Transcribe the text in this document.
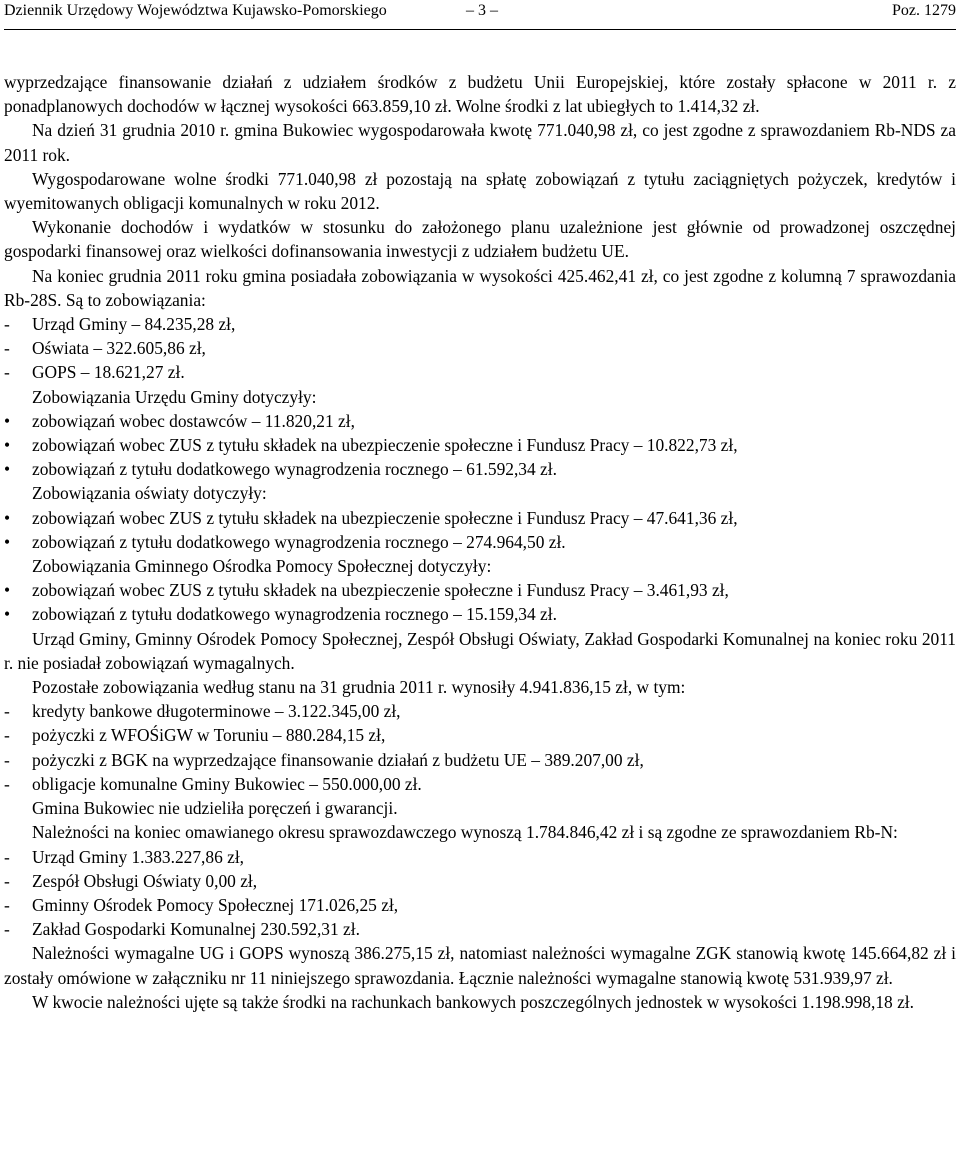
Dziennik Urzędowy Województwa Kujawsko-Pomorskiego	– 3 –	Poz. 1279

wyprzedzające finansowanie działań z udziałem środków z budżetu Unii Europejskiej, które zostały spłacone w 2011 r. z ponadplanowych dochodów w łącznej wysokości 663.859,10 zł. Wolne środki z lat ubiegłych to 1.414,32 zł.

Na dzień 31 grudnia 2010 r. gmina Bukowiec wygospodarowała kwotę 771.040,98 zł, co jest zgodne z sprawozdaniem Rb-NDS za 2011 rok.

Wygospodarowane wolne środki 771.040,98 zł pozostają na spłatę zobowiązań z tytułu zaciągniętych pożyczek, kredytów i wyemitowanych obligacji komunalnych w roku 2012.

Wykonanie dochodów i wydatków w stosunku do założonego planu uzależnione jest głównie od prowadzonej oszczędnej gospodarki finansowej oraz wielkości dofinansowania inwestycji z udziałem budżetu UE.

Na koniec grudnia 2011 roku gmina posiadała zobowiązania w wysokości 425.462,41 zł, co jest zgodne z kolumną 7 sprawozdania Rb-28S. Są to zobowiązania:

- Urząd Gminy – 84.235,28 zł,

- Oświata – 322.605,86 zł,

- GOPS – 18.621,27 zł.

Zobowiązania Urzędu Gminy dotyczyły:

• zobowiązań wobec dostawców – 11.820,21 zł,

• zobowiązań wobec ZUS z tytułu składek na ubezpieczenie społeczne i Fundusz Pracy – 10.822,73 zł,

• zobowiązań z tytułu dodatkowego wynagrodzenia rocznego – 61.592,34 zł.

Zobowiązania oświaty dotyczyły:

• zobowiązań wobec ZUS z tytułu składek na ubezpieczenie społeczne i Fundusz Pracy – 47.641,36 zł,

• zobowiązań z tytułu dodatkowego wynagrodzenia rocznego – 274.964,50 zł.

Zobowiązania Gminnego Ośrodka Pomocy Społecznej dotyczyły:

• zobowiązań wobec ZUS z tytułu składek na ubezpieczenie społeczne i Fundusz Pracy – 3.461,93 zł,

• zobowiązań z tytułu dodatkowego wynagrodzenia rocznego – 15.159,34 zł.

Urząd Gminy, Gminny Ośrodek Pomocy Społecznej, Zespół Obsługi Oświaty, Zakład Gospodarki Komunalnej na koniec roku 2011 r. nie posiadał zobowiązań wymagalnych.

Pozostałe zobowiązania według stanu na 31 grudnia 2011 r. wynosiły 4.941.836,15 zł, w tym:

- kredyty bankowe długoterminowe – 3.122.345,00 zł,

- pożyczki z WFOŚiGW w Toruniu – 880.284,15 zł,

- pożyczki z BGK na wyprzedzające finansowanie działań z budżetu UE – 389.207,00 zł,

- obligacje komunalne Gminy Bukowiec – 550.000,00 zł.

Gmina Bukowiec nie udzieliła poręczeń i gwarancji.

Należności na koniec omawianego okresu sprawozdawczego wynoszą 1.784.846,42 zł i są zgodne ze sprawozdaniem Rb-N:

- Urząd Gminy 1.383.227,86 zł,

- Zespół Obsługi Oświaty 0,00 zł,

- Gminny Ośrodek Pomocy Społecznej 171.026,25 zł,

- Zakład Gospodarki Komunalnej 230.592,31 zł.

Należności wymagalne UG i GOPS wynoszą 386.275,15 zł, natomiast należności wymagalne ZGK stanowią kwotę 145.664,82 zł i zostały omówione w załączniku nr 11 niniejszego sprawozdania. Łącznie należności wymagalne stanowią kwotę 531.939,97 zł.

W kwocie należności ujęte są także środki na rachunkach bankowych poszczególnych jednostek w wysokości 1.198.998,18 zł.
